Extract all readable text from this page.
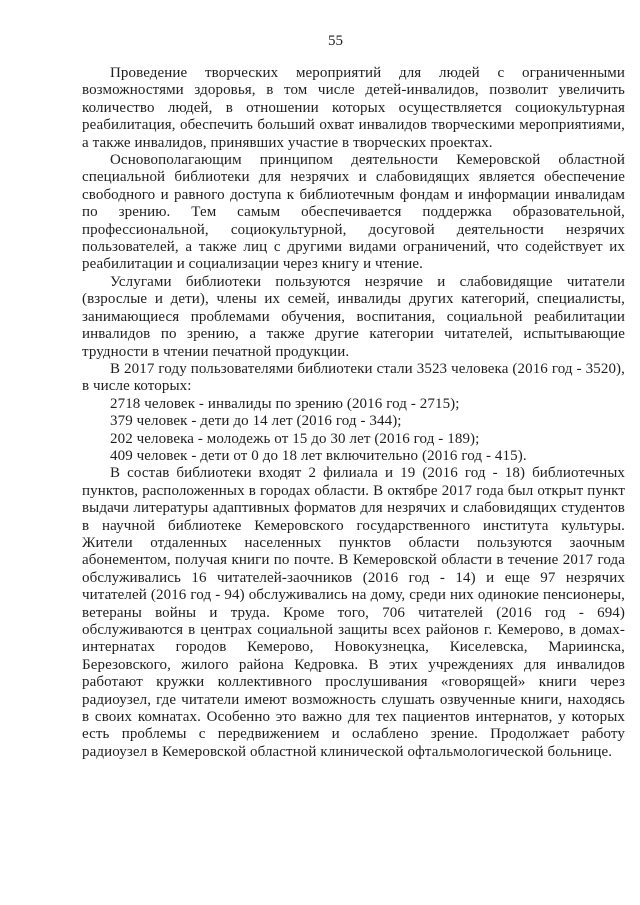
55

Проведение творческих мероприятий для людей с ограниченными возможностями здоровья, в том числе детей-инвалидов, позволит увеличить количество людей, в отношении которых осуществляется социокультурная реабилитация, обеспечить больший охват инвалидов творческими мероприятиями, а также инвалидов, принявших участие в творческих проектах.

Основополагающим принципом деятельности Кемеровской областной специальной библиотеки для незрячих и слабовидящих является обеспечение свободного и равного доступа к библиотечным фондам и информации инвалидам по зрению. Тем самым обеспечивается поддержка образовательной, профессиональной, социокультурной, досуговой деятельности незрячих пользователей, а также лиц с другими видами ограничений, что содействует их реабилитации и социализации через книгу и чтение.

Услугами библиотеки пользуются незрячие и слабовидящие читатели (взрослые и дети), члены их семей, инвалиды других категорий, специалисты, занимающиеся проблемами обучения, воспитания, социальной реабилитации инвалидов по зрению, а также другие категории читателей, испытывающие трудности в чтении печатной продукции.

В 2017 году пользователями библиотеки стали 3523 человека (2016 год - 3520), в числе которых:

2718 человек - инвалиды по зрению (2016 год - 2715);

379 человек - дети до 14 лет (2016 год - 344);

202 человека - молодежь от 15 до 30 лет (2016 год - 189);

409 человек - дети от 0 до 18 лет включительно (2016 год - 415).

В состав библиотеки входят 2 филиала и 19 (2016 год - 18) библиотечных пунктов, расположенных в городах области. В октябре 2017 года был открыт пункт выдачи литературы адаптивных форматов для незрячих и слабовидящих студентов в научной библиотеке Кемеровского государственного института культуры. Жители отдаленных населенных пунктов области пользуются заочным абонементом, получая книги по почте. В Кемеровской области в течение 2017 года обслуживались 16 читателей-заочников (2016 год - 14) и еще 97 незрячих читателей (2016 год - 94) обслуживались на дому, среди них одинокие пенсионеры, ветераны войны и труда. Кроме того, 706 читателей (2016 год - 694) обслуживаются в центрах социальной защиты всех районов г. Кемерово, в домах-интернатах городов Кемерово, Новокузнецка, Киселевска, Мариинска, Березовского, жилого района Кедровка. В этих учреждениях для инвалидов работают кружки коллективного прослушивания «говорящей» книги через радиоузел, где читатели имеют возможность слушать озвученные книги, находясь в своих комнатах. Особенно это важно для тех пациентов интернатов, у которых есть проблемы с передвижением и ослаблено зрение. Продолжает работу радиоузел в Кемеровской областной клинической офтальмологической больнице.
